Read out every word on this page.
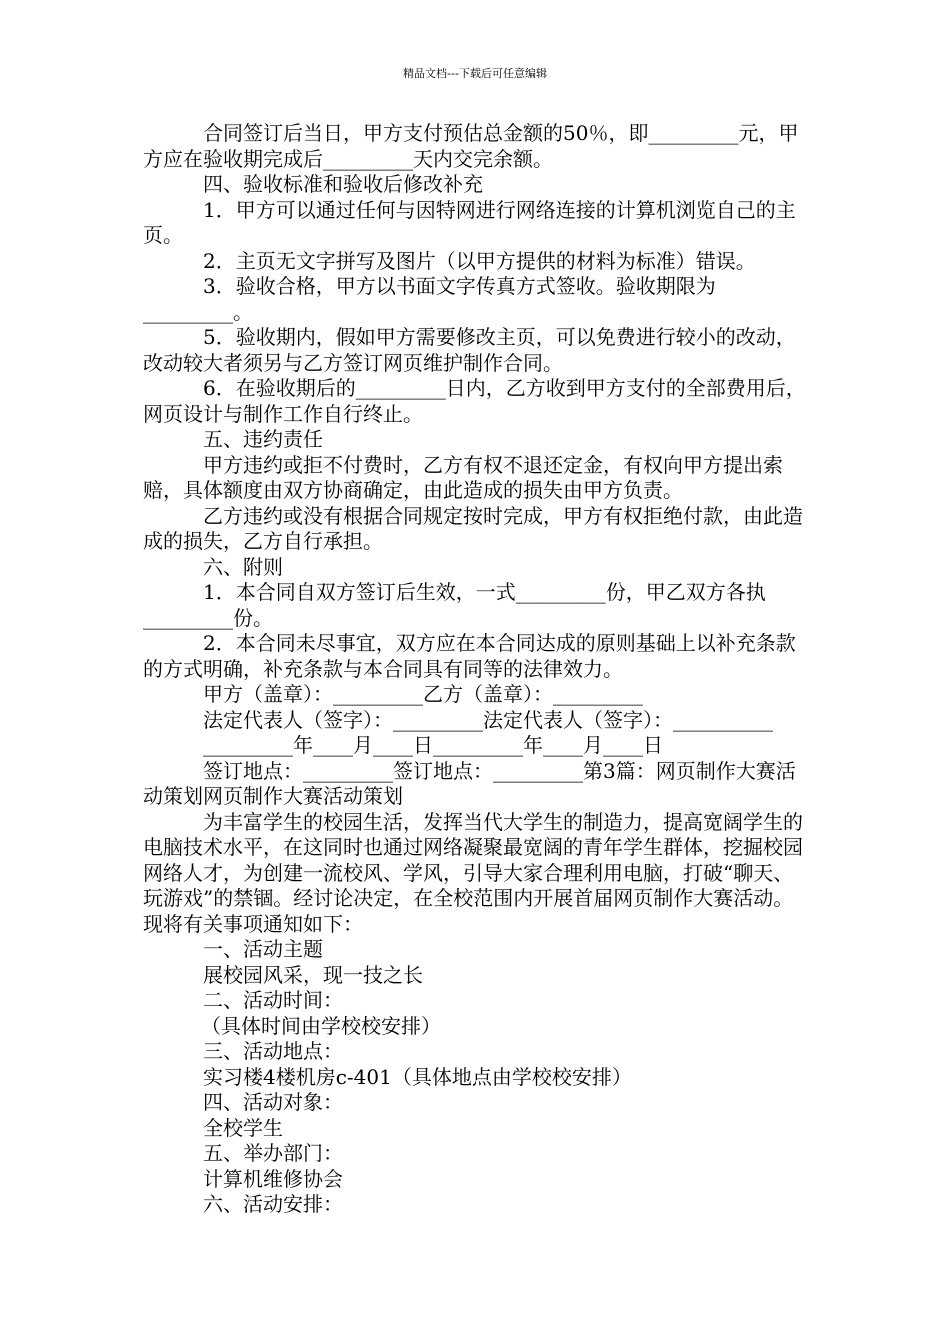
精品文档---下载后可任意编辑

合同签订后当日，甲方支付预估总金额的50％，即_________元，甲方应在验收期完成后_________天内交完余额。

四、验收标准和验收后修改补充

1．甲方可以通过任何与因特网进行网络连接的计算机浏览自己的主页。

2．主页无文字拼写及图片（以甲方提供的材料为标准）错误。

3．验收合格，甲方以书面文字传真方式签收。验收期限为_________。

5．验收期内，假如甲方需要修改主页，可以免费进行较小的改动，改动较大者须另与乙方签订网页维护制作合同。

6．在验收期后的_________日内，乙方收到甲方支付的全部费用后，网页设计与制作工作自行终止。

五、违约责任

甲方违约或拒不付费时，乙方有权不退还定金，有权向甲方提出索赔，具体额度由双方协商确定，由此造成的损失由甲方负责。

乙方违约或没有根据合同规定按时完成，甲方有权拒绝付款，由此造成的损失，乙方自行承担。

六、附则

1．本合同自双方签订后生效，一式_________份，甲乙双方各执_________份。

2．本合同未尽事宜，双方应在本合同达成的原则基础上以补充条款的方式明确，补充条款与本合同具有同等的法律效力。

甲方（盖章）：_________乙方（盖章）：_________

法定代表人（签字）：_________法定代表人（签字）：__________

_________年____月____日_________年____月____日

签订地点：_________签订地点：_________第3篇：网页制作大赛活动策划网页制作大赛活动策划

为丰富学生的校园生活，发挥当代大学生的制造力，提高宽阔学生的电脑技术水平，在这同时也通过网络凝聚最宽阔的青年学生群体，挖掘校园网络人才，为创建一流校风、学风，引导大家合理利用电脑，打破“聊天、玩游戏”的禁锢。经讨论决定，在全校范围内开展首届网页制作大赛活动。现将有关事项通知如下：

一、活动主题

展校园风采，现一技之长

二、活动时间：

（具体时间由学校校安排）

三、活动地点：

实习楼4楼机房c-401（具体地点由学校校安排）

四、活动对象：

全校学生

五、举办部门：

计算机维修协会

六、活动安排：
